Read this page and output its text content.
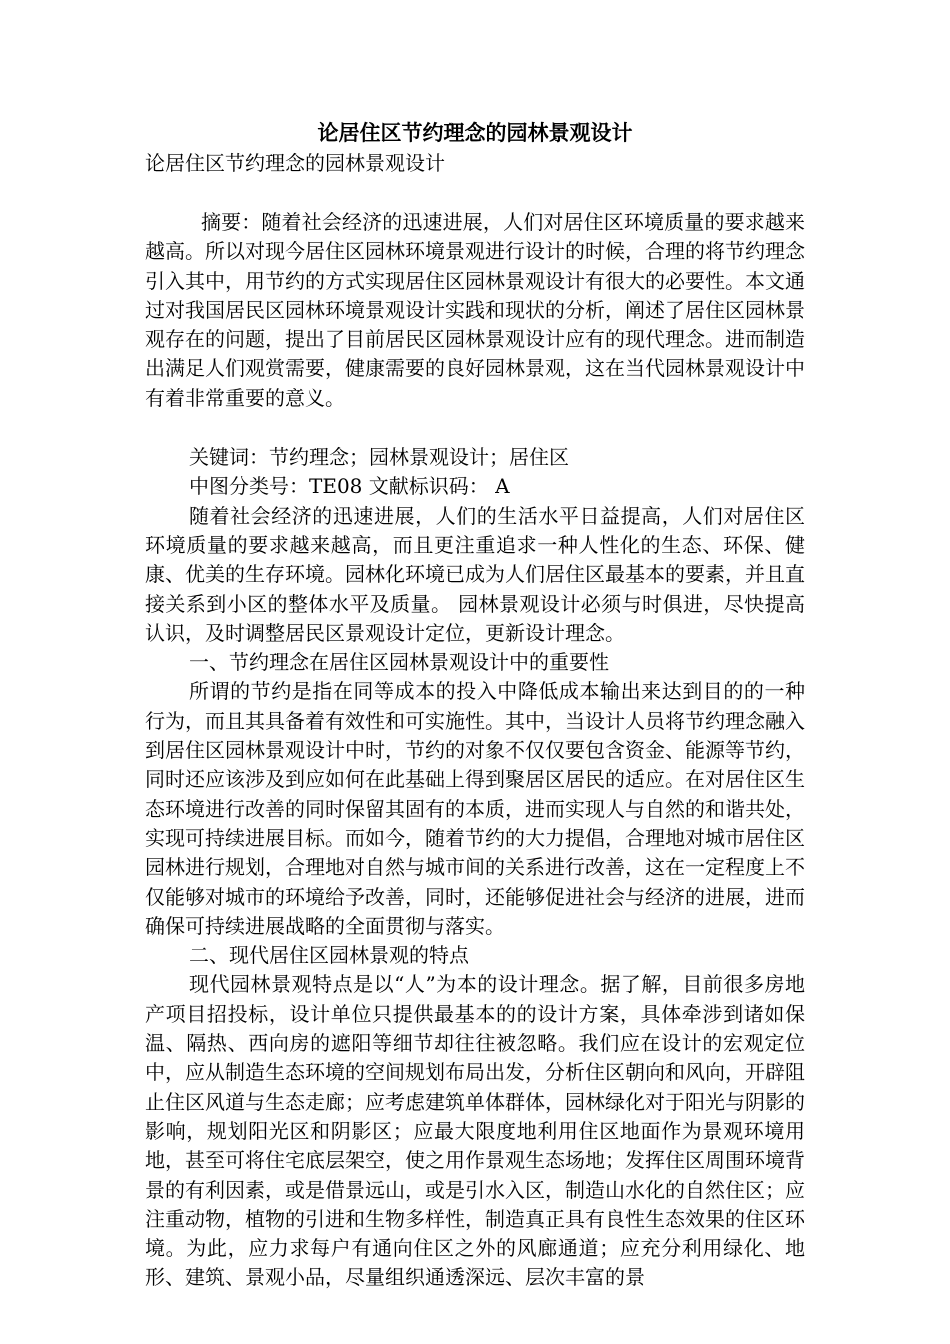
论居住区节约理念的园林景观设计

论居住区节约理念的园林景观设计

摘要：随着社会经济的迅速进展，人们对居住区环境质量的要求越来越高。所以对现今居住区园林环境景观进行设计的时候，合理的将节约理念引入其中，用节约的方式实现居住区园林景观设计有很大的必要性。本文通过对我国居民区园林环境景观设计实践和现状的分析，阐述了居住区园林景观存在的问题，提出了目前居民区园林景观设计应有的现代理念。进而制造出满足人们观赏需要，健康需要的良好园林景观，这在当代园林景观设计中有着非常重要的意义。

关键词：节约理念；园林景观设计；居住区

中图分类号：TE08 文献标识码： A

随着社会经济的迅速进展，人们的生活水平日益提高，人们对居住区环境质量的要求越来越高，而且更注重追求一种人性化的生态、环保、健康、优美的生存环境。园林化环境已成为人们居住区最基本的要素，并且直接关系到小区的整体水平及质量。 园林景观设计必须与时俱进，尽快提高认识，及时调整居民区景观设计定位，更新设计理念。

一、节约理念在居住区园林景观设计中的重要性

所谓的节约是指在同等成本的投入中降低成本输出来达到目的的一种行为，而且其具备着有效性和可实施性。其中，当设计人员将节约理念融入到居住区园林景观设计中时，节约的对象不仅仅要包含资金、能源等节约，同时还应该涉及到应如何在此基础上得到聚居区居民的适应。在对居住区生态环境进行改善的同时保留其固有的本质，进而实现人与自然的和谐共处，实现可持续进展目标。而如今，随着节约的大力提倡，合理地对城市居住区园林进行规划，合理地对自然与城市间的关系进行改善，这在一定程度上不仅能够对城市的环境给予改善，同时，还能够促进社会与经济的进展，进而确保可持续进展战略的全面贯彻与落实。

二、现代居住区园林景观的特点

现代园林景观特点是以“人”为本的设计理念。据了解，目前很多房地产项目招投标，设计单位只提供最基本的的设计方案，具体牵涉到诸如保温、隔热、西向房的遮阳等细节却往往被忽略。我们应在设计的宏观定位中，应从制造生态环境的空间规划布局出发，分析住区朝向和风向，开辟阻止住区风道与生态走廊；应考虑建筑单体群体，园林绿化对于阳光与阴影的影响，规划阳光区和阴影区；应最大限度地利用住区地面作为景观环境用地，甚至可将住宅底层架空，使之用作景观生态场地；发挥住区周围环境背景的有利因素，或是借景远山，或是引水入区，制造山水化的自然住区；应注重动物，植物的引进和生物多样性，制造真正具有良性生态效果的住区环境。为此，应力求每户有通向住区之外的风廊通道；应充分利用绿化、地形、建筑、景观小品，尽量组织通透深远、层次丰富的景
